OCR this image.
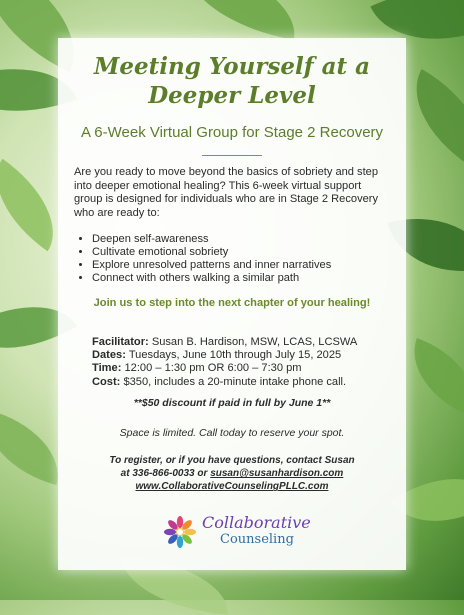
Meeting Yourself at a
Deeper Level
A 6-Week Virtual Group for Stage 2 Recovery

Are you ready to move beyond the basics of sobriety and step into deeper emotional healing? This 6-week virtual support group is designed for individuals who are in Stage 2 Recovery who are ready to:

• Deepen self-awareness
• Cultivate emotional sobriety
• Explore unresolved patterns and inner narratives
• Connect with others walking a similar path
Join us to step into the next chapter of your healing!
Facilitator: Susan B. Hardison, MSW, LCAS, LCSWA
Dates: Tuesdays, June 10th through July 15, 2025
Time: 12:00 – 1:30 pm OR 6:00 – 7:30 pm
Cost: $350, includes a 20-minute intake phone call.
**$50 discount if paid in full by June 1**
Space is limited. Call today to reserve your spot.
To register, or if you have questions, contact Susan
at 336-866-0033 or susan@susanhardison.com
www.CollaborativeCounselingPLLC.com
Collaborative
Counseling
